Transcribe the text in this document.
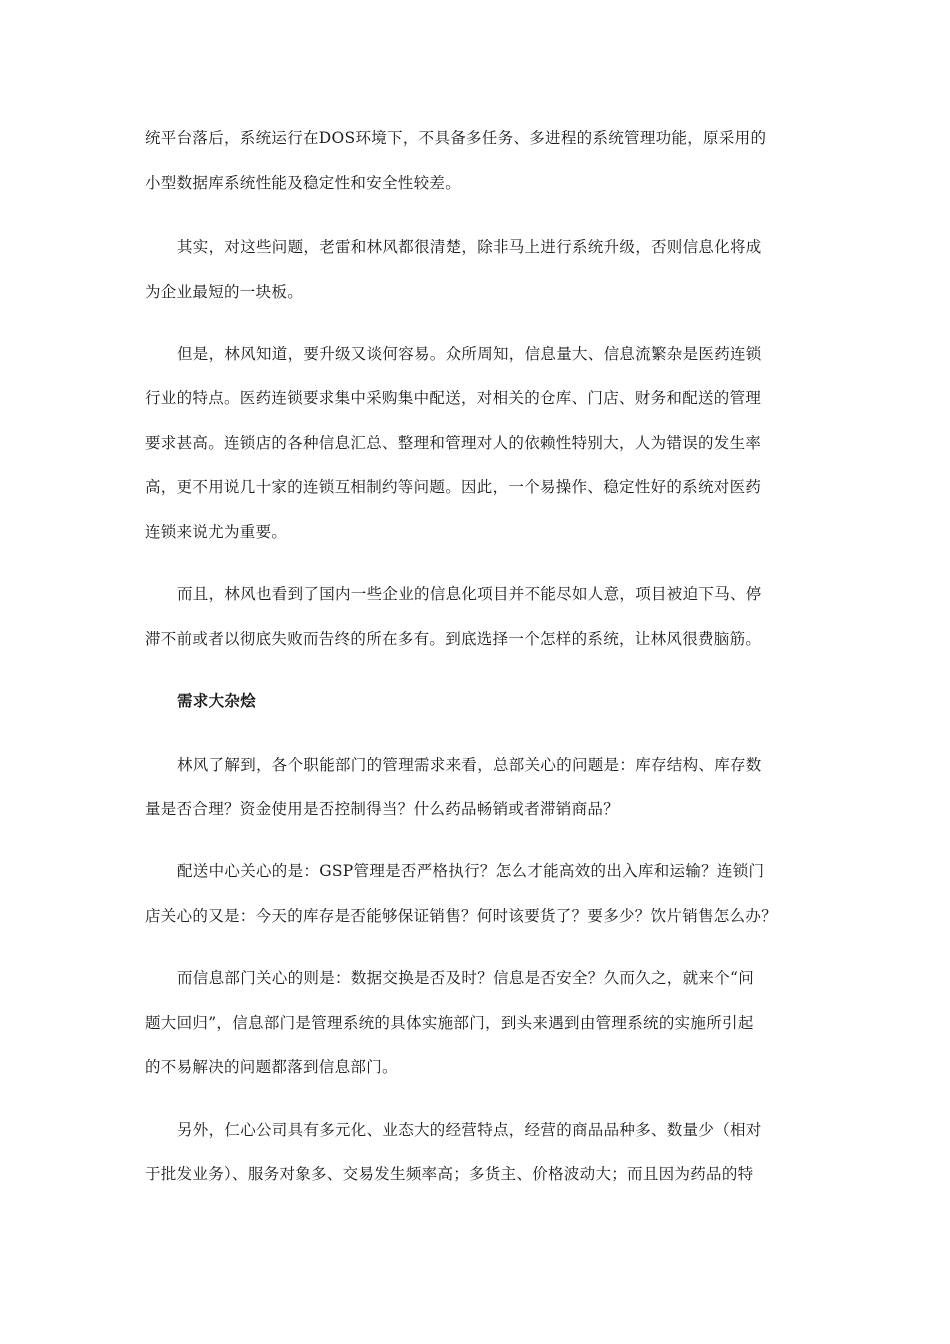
统平台落后，系统运行在DOS环境下，不具备多任务、多进程的系统管理功能，原采用的
小型数据库系统性能及稳定性和安全性较差。
其实，对这些问题，老雷和林风都很清楚，除非马上进行系统升级，否则信息化将成
为企业最短的一块板。
但是，林风知道，要升级又谈何容易。众所周知，信息量大、信息流繁杂是医药连锁
行业的特点。医药连锁要求集中采购集中配送，对相关的仓库、门店、财务和配送的管理
要求甚高。连锁店的各种信息汇总、整理和管理对人的依赖性特别大，人为错误的发生率
高，更不用说几十家的连锁互相制约等问题。因此，一个易操作、稳定性好的系统对医药
连锁来说尤为重要。
而且，林风也看到了国内一些企业的信息化项目并不能尽如人意，项目被迫下马、停
滞不前或者以彻底失败而告终的所在多有。到底选择一个怎样的系统，让林风很费脑筋。
需求大杂烩
林风了解到，各个职能部门的管理需求来看，总部关心的问题是：库存结构、库存数
量是否合理？资金使用是否控制得当？什么药品畅销或者滞销商品？
配送中心关心的是：GSP管理是否严格执行？怎么才能高效的出入库和运输？连锁门
店关心的又是：今天的库存是否能够保证销售？何时该要货了？要多少？饮片销售怎么办？
而信息部门关心的则是：数据交换是否及时？信息是否安全？久而久之，就来个“问
题大回归”，信息部门是管理系统的具体实施部门，到头来遇到由管理系统的实施所引起
的不易解决的问题都落到信息部门。
另外，仁心公司具有多元化、业态大的经营特点，经营的商品品种多、数量少（相对
于批发业务）、服务对象多、交易发生频率高；多货主、价格波动大；而且因为药品的特
